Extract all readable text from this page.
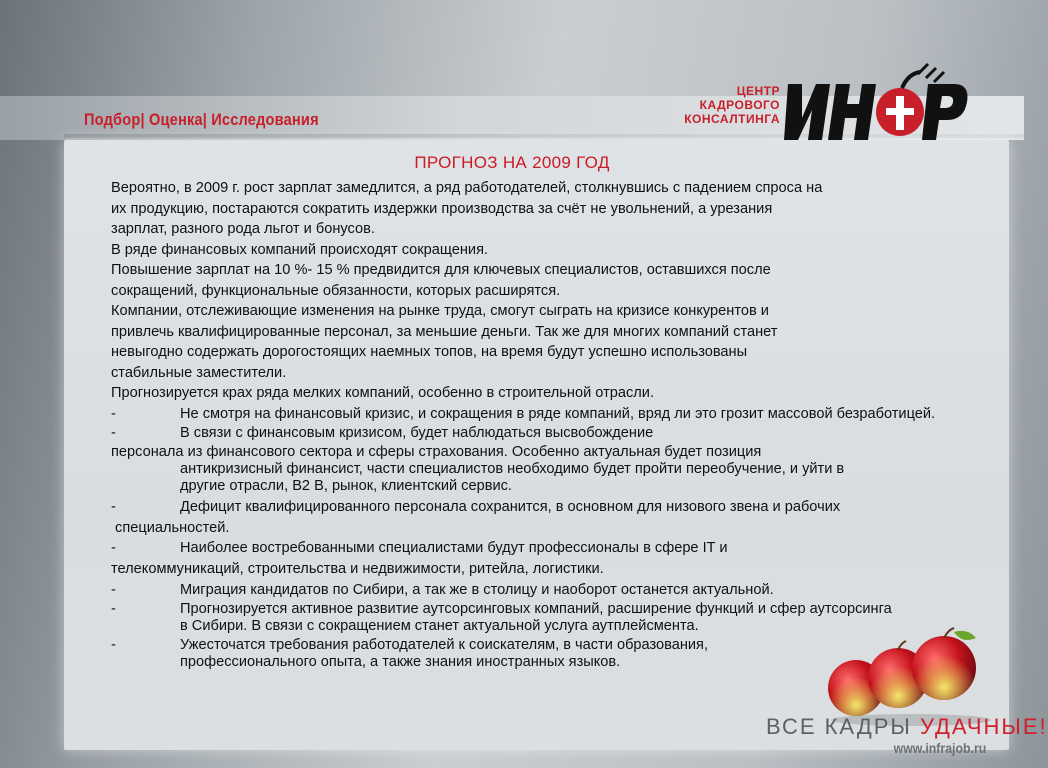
Подбор| Оценка| Исследования
ЦЕНТР
КАДРОВОГО
КОНСАЛТИНГА
ПРОГНОЗ НА 2009 ГОД

Вероятно, в 2009 г. рост зарплат замедлится, а ряд работодателей, столкнувшись с падением спроса на

их продукцию, постараются сократить издержки производства за счёт не увольнений, а урезания

зарплат, разного рода льгот и бонусов.

В ряде финансовых компаний происходят сокращения.

Повышение зарплат на 10 %- 15 % предвидится для ключевых специалистов, оставшихся после

сокращений, функциональные обязанности, которых расширятся.

Компании, отслеживающие изменения на рынке труда, смогут сыграть на кризисе конкурентов и

привлечь квалифицированные персонал, за меньшие деньги. Так же для многих компаний станет

невыгодно содержать дорогостоящих наемных топов, на время будут успешно использованы

стабильные заместители.

Прогнозируется крах ряда мелких компаний, особенно в строительной отрасли.

-	Не смотря на финансовый кризис, и сокращения в ряде компаний, вряд ли это грозит массовой безработицей.
-	В связи с финансовым кризисом, будет наблюдаться высвобождение

персонала из финансового сектора и сферы страхования. Особенно актуальная будет позиция

антикризисный финансист, части специалистов необходимо будет пройти переобучение, и уйти в

другие отрасли, В2 В, рынок, клиентский сервис.

-	Дефицит квалифицированного персонала сохранится, в основном для низового звена и рабочих

специальностей.

-	Наиболее востребованными специалистами будут профессионалы в сфере IT и

телекоммуникаций, строительства и недвижимости, ритейла, логистики.

-	Миграция кандидатов по Сибири, а так же в столицу и наоборот останется актуальной.
-	Прогнозируется активное развитие аутсорсинговых компаний, расширение функций и сфер аутсорсинга в Сибири. В связи с сокращением станет актуальной услуга аутплейсмента.
-	Ужесточатся требования работодателей к соискателям, в части образования, профессионального опыта, а также знания иностранных языков.
ВСЕ КАДРЫ УДАЧНЫЕ!
www.infrajob.ru
